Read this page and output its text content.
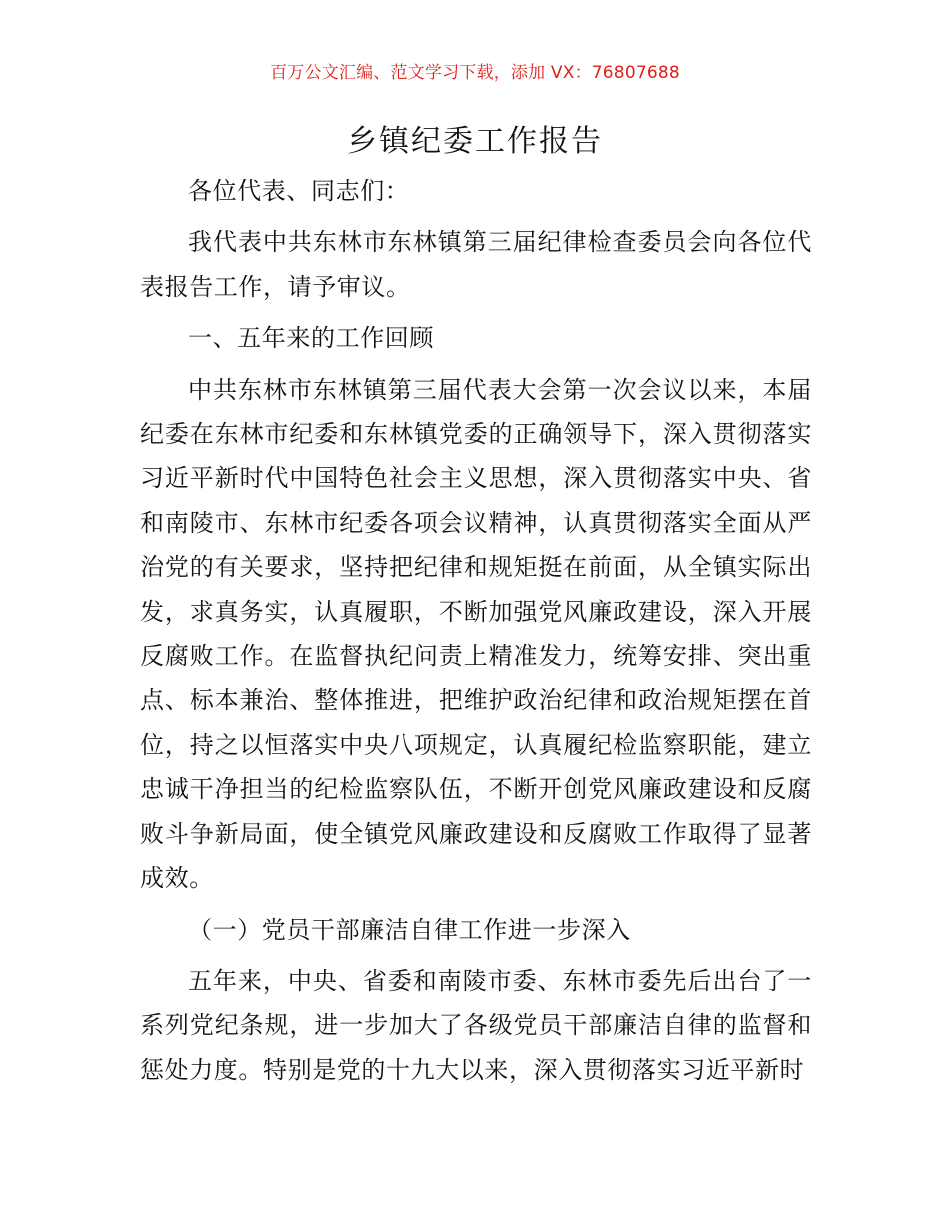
百万公文汇编、范文学习下载，添加 VX：76807688
乡镇纪委工作报告

各位代表、同志们：

我代表中共东林市东林镇第三届纪律检查委员会向各位代表报告工作，请予审议。

一、五年来的工作回顾

中共东林市东林镇第三届代表大会第一次会议以来，本届纪委在东林市纪委和东林镇党委的正确领导下，深入贯彻落实习近平新时代中国特色社会主义思想，深入贯彻落实中央、省和南陵市、东林市纪委各项会议精神，认真贯彻落实全面从严治党的有关要求，坚持把纪律和规矩挺在前面，从全镇实际出发，求真务实，认真履职，不断加强党风廉政建设，深入开展反腐败工作。在监督执纪问责上精准发力，统筹安排、突出重点、标本兼治、整体推进，把维护政治纪律和政治规矩摆在首位，持之以恒落实中央八项规定，认真履纪检监察职能，建立忠诚干净担当的纪检监察队伍，不断开创党风廉政建设和反腐败斗争新局面，使全镇党风廉政建设和反腐败工作取得了显著成效。

（一）党员干部廉洁自律工作进一步深入

五年来，中央、省委和南陵市委、东林市委先后出台了一系列党纪条规，进一步加大了各级党员干部廉洁自律的监督和惩处力度。特别是党的十九大以来，深入贯彻落实习近平新时
